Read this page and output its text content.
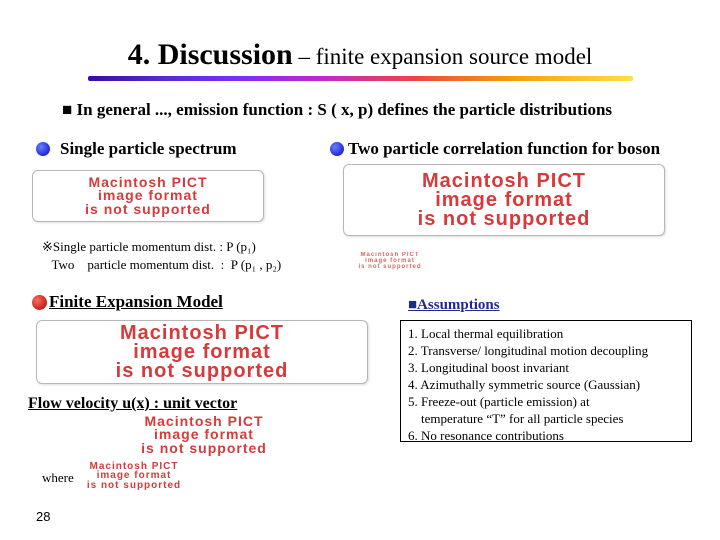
4. Discussion – finite expansion source model
■ In general ..., emission function : S ( x, p) defines the particle distributions
Single particle spectrum	Two particle correlation function for boson
Macintosh PICT
image format
is not supported
Macintosh PICT
image format
is not supported
Macintosh PICT
image format
is not supported
※Single particle momentum dist. : P (p₁)
Two    particle momentum dist.  :  P (p₁ , p₂)
Finite Expansion Model	■Assumptions
1. Local thermal equilibration
2. Transverse/ longitudinal motion decoupling
3. Longitudinal boost invariant
4. Azimuthally symmetric source (Gaussian)
5. Freeze-out (particle emission) at
temperature “T” for all particle species
6. No resonance contributions
Macintosh PICT
image format
is not supported
Flow velocity u(x) : unit vector
Macintosh PICT
image format
is not supported
where
Macintosh PICT
image format
is not supported
28
